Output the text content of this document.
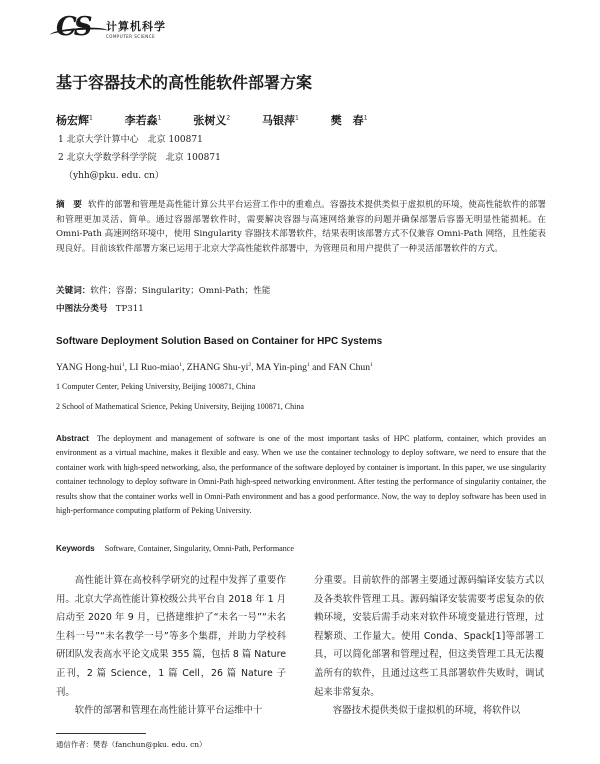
CS	计算机科学
COMPUTER SCIENCE
基于容器技术的高性能软件部署方案
杨宏辉$^1$	李若淼$^1$	张树义$^2$	马银萍$^1$	樊　春$^1$
1 北京大学计算中心　北京 100871
2 北京大学数学科学学院　北京 100871
（yhh@pku. edu. cn）
摘　要 软件的部署和管理是高性能计算公共平台运营工作中的重难点。容器技术提供类似于虚拟机的环境，使高性能软件的部署和管理更加灵活、简单。通过容器部署软件时，需要解决容器与高速网络兼容的问题并确保部署后容器无明显性能损耗。在 Omni-Path 高速网络环境中，使用 Singularity 容器技术部署软件，结果表明该部署方式不仅兼容 Omni-Path 网络，且性能表现良好。目前该软件部署方案已运用于北京大学高性能软件部署中，为管理员和用户提供了一种灵活部署软件的方式。
关键词：软件；容器；Singularity；Omni-Path；性能
中图法分类号 TP311
Software Deployment Solution Based on Container for HPC Systems
YANG Hong-hui$^1$, LI Ruo-miao$^1$, ZHANG Shu-$yi^2$, MA Yin-ping$^1$ and FAN Chun$^1$
1 Computer Center, Peking University, Beijing 100871, China
2 School of Mathematical Science, Peking University, Beijing 100871, China
Abstract The deployment and management of software is one of the most important tasks of HPC platform, container, which provides an environment as a virtual machine, makes it flexible and easy. When we use the container technology to deploy software, we need to ensure that the container work with high-speed networking, also, the performance of the software deployed by container is important. In this paper, we use singularity container technology to deploy software in Omni-Path high-speed networking environment. After testing the performance of singularity container, the results show that the container works well in Omni-Path environment and has a good performance. Now, the way to deploy software has been used in high-performance computing platform of Peking University.
Keywords Software, Container, Singularity, Omni-Path, Performance

高性能计算在高校科学研究的过程中发挥了重要作用。北京大学高性能计算校级公共平台自 2018 年 1 月启动至 2020 年 9 月，已搭建维护了“未名一号”“未名生科一号”“未名教学一号”等多个集群，并助力学校科研团队发表高水平论文成果 355 篇，包括 8 篇 Nature 正刊，2 篇 Science，1 篇 Cell，26 篇 Nature 子刊。

软件的部署和管理在高性能计算平台运维中十

分重要。目前软件的部署主要通过源码编译安装方式以及各类软件管理工具。源码编译安装需要考虑复杂的依赖环境，安装后需手动来对软件环境变量进行管理，过程繁琐、工作量大。使用 Conda、Spack[1]等部署工具，可以简化部署和管理过程，但这类管理工具无法覆盖所有的软件，且通过这些工具部署软件失败时，调试起来非常复杂。

容器技术提供类似于虚拟机的环境，将软件以

通信作者：樊春（fanchun@pku. edu. cn）
